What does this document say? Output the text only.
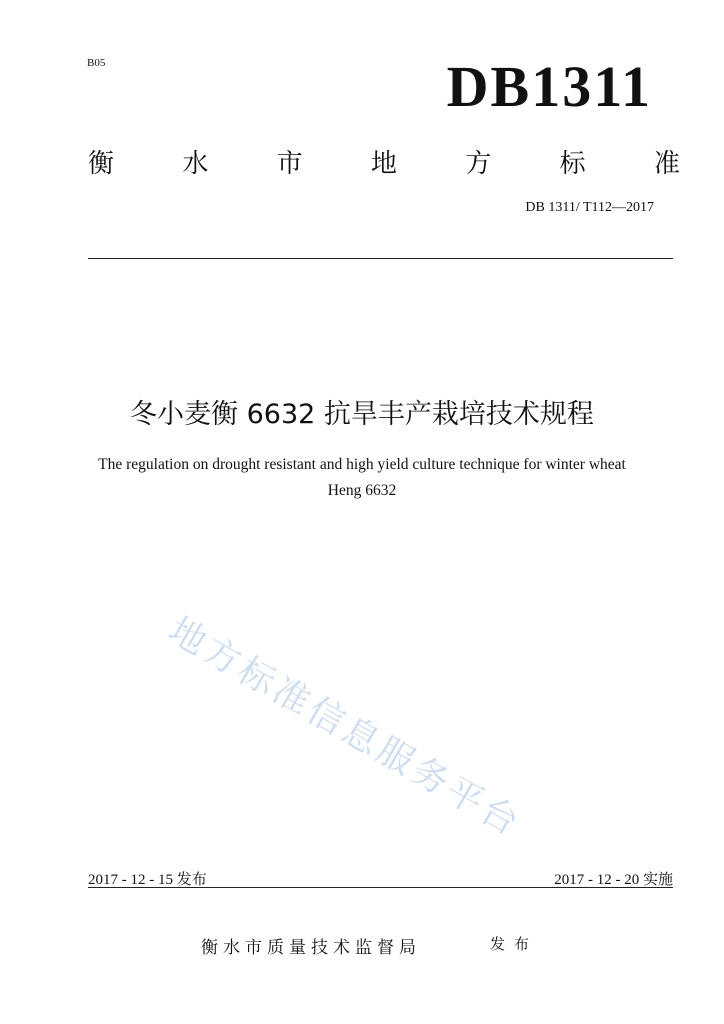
B05	DB1311
衡	水	市	地	方	标	准
DB 1311/ T112—2017
冬小麦衡 6632 抗旱丰产栽培技术规程
The regulation on drought resistant and high yield culture technique for winter wheat
Heng 6632
地方标准信息服务平台
2017 - 12 - 15 发布	2017 - 12 - 20 实施
衡水市质量技术监督局	发布
